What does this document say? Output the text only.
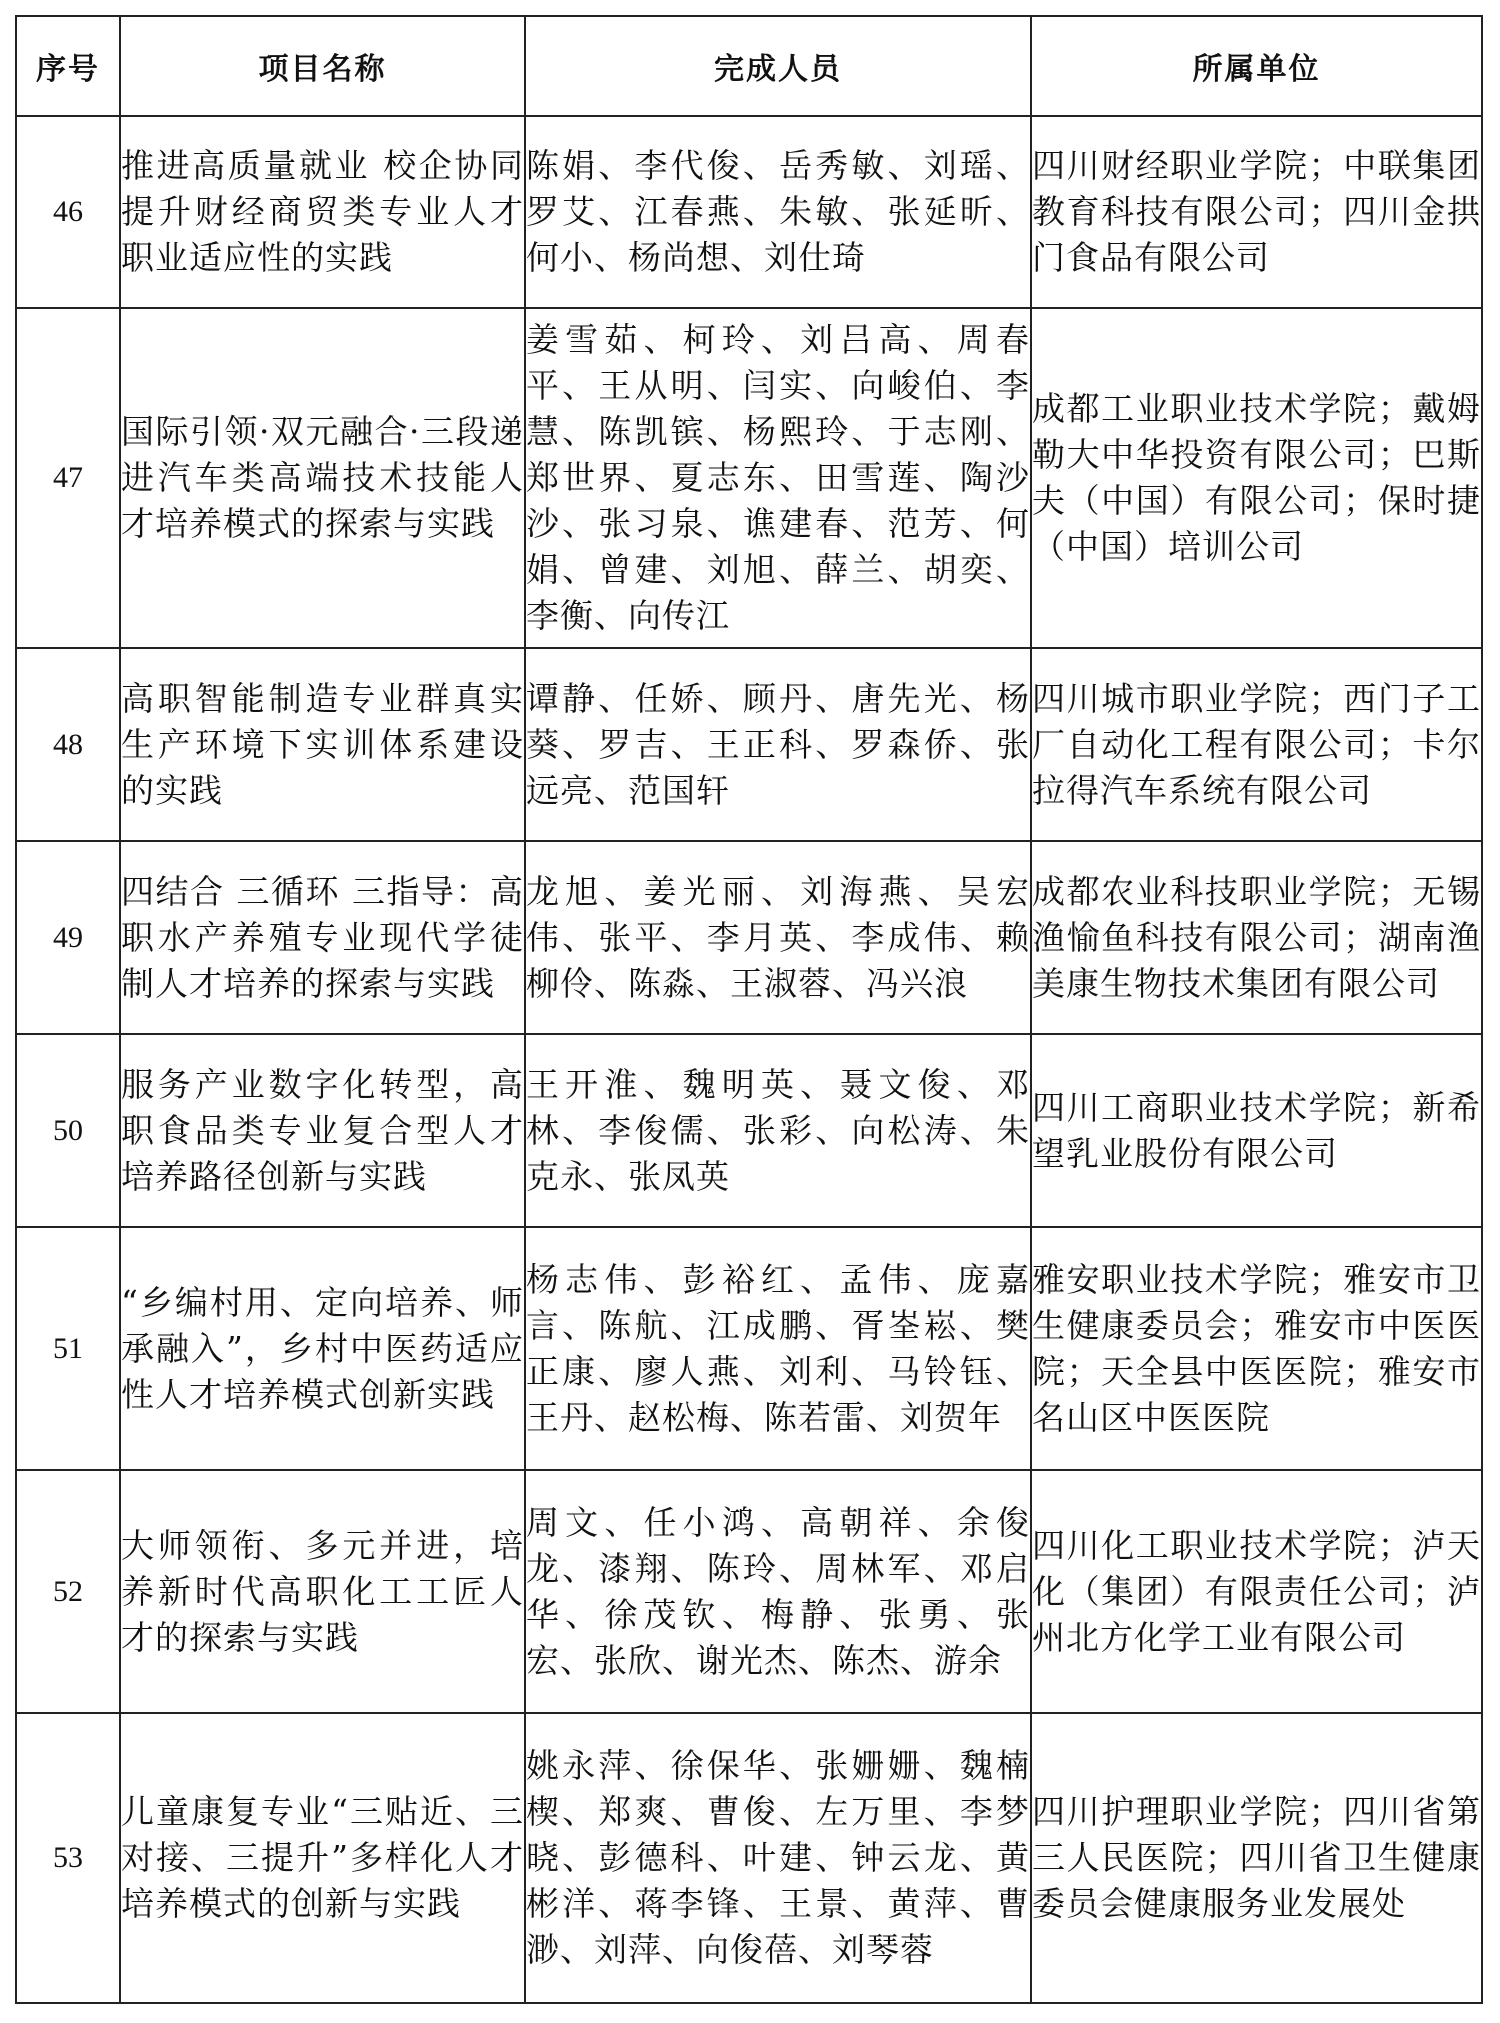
序号	项目名称	完成人员	所属单位
46	推进高质量就业 校企协同提升财经商贸类专业人才职业适应性的实践	陈娟、李代俊、岳秀敏、刘瑶、罗艾、江春燕、朱敏、张延昕、何小、杨尚想、刘仕琦	四川财经职业学院；中联集团教育科技有限公司；四川金拱门食品有限公司

47	国际引领·双元融合·三段递进汽车类高端技术技能人才培养模式的探索与实践	姜雪茹、柯玲、刘吕高、周春平、王从明、闫实、向峻伯、李慧、陈凯镔、杨熙玲、于志刚、郑世界、夏志东、田雪莲、陶沙沙、张习泉、谯建春、范芳、何娟、曾建、刘旭、薛兰、胡奕、李衡、向传江	成都工业职业技术学院；戴姆勒大中华投资有限公司；巴斯夫（中国）有限公司；保时捷（中国）培训公司

48	高职智能制造专业群真实生产环境下实训体系建设的实践	谭静、任娇、顾丹、唐先光、杨葵、罗吉、王正科、罗森侨、张远亮、范国轩	四川城市职业学院；西门子工厂自动化工程有限公司；卡尔拉得汽车系统有限公司

49	四结合 三循环 三指导：高职水产养殖专业现代学徒制人才培养的探索与实践	龙旭、姜光丽、刘海燕、吴宏伟、张平、李月英、李成伟、赖柳伶、陈淼、王淑蓉、冯兴浪	成都农业科技职业学院；无锡渔愉鱼科技有限公司；湖南渔美康生物技术集团有限公司

50	服务产业数字化转型，高职食品类专业复合型人才培养路径创新与实践	王开淮、魏明英、聂文俊、邓林、李俊儒、张彩、向松涛、朱克永、张凤英	四川工商职业技术学院；新希望乳业股份有限公司

51	“乡编村用、定向培养、师承融入”，乡村中医药适应性人才培养模式创新实践	杨志伟、彭裕红、孟伟、庞嘉言、陈航、江成鹏、胥峑崧、樊正康、廖人燕、刘利、马铃钰、王丹、赵松梅、陈若雷、刘贺年	雅安职业技术学院；雅安市卫生健康委员会；雅安市中医医院；天全县中医医院；雅安市名山区中医医院

52	大师领衔、多元并进，培养新时代高职化工工匠人才的探索与实践	周文、任小鸿、高朝祥、余俊龙、漆翔、陈玲、周林军、邓启华、徐茂钦、梅静、张勇、张宏、张欣、谢光杰、陈杰、游余	四川化工职业技术学院；泸天化（集团）有限责任公司；泸州北方化学工业有限公司

53	儿童康复专业“三贴近、三对接、三提升”多样化人才培养模式的创新与实践	姚永萍、徐保华、张姗姗、魏楠楔、郑爽、曹俊、左万里、李梦晓、彭德科、叶建、钟云龙、黄彬洋、蒋李锋、王景、黄萍、曹渺、刘萍、向俊蓓、刘琴蓉	四川护理职业学院；四川省第三人民医院；四川省卫生健康委员会健康服务业发展处
